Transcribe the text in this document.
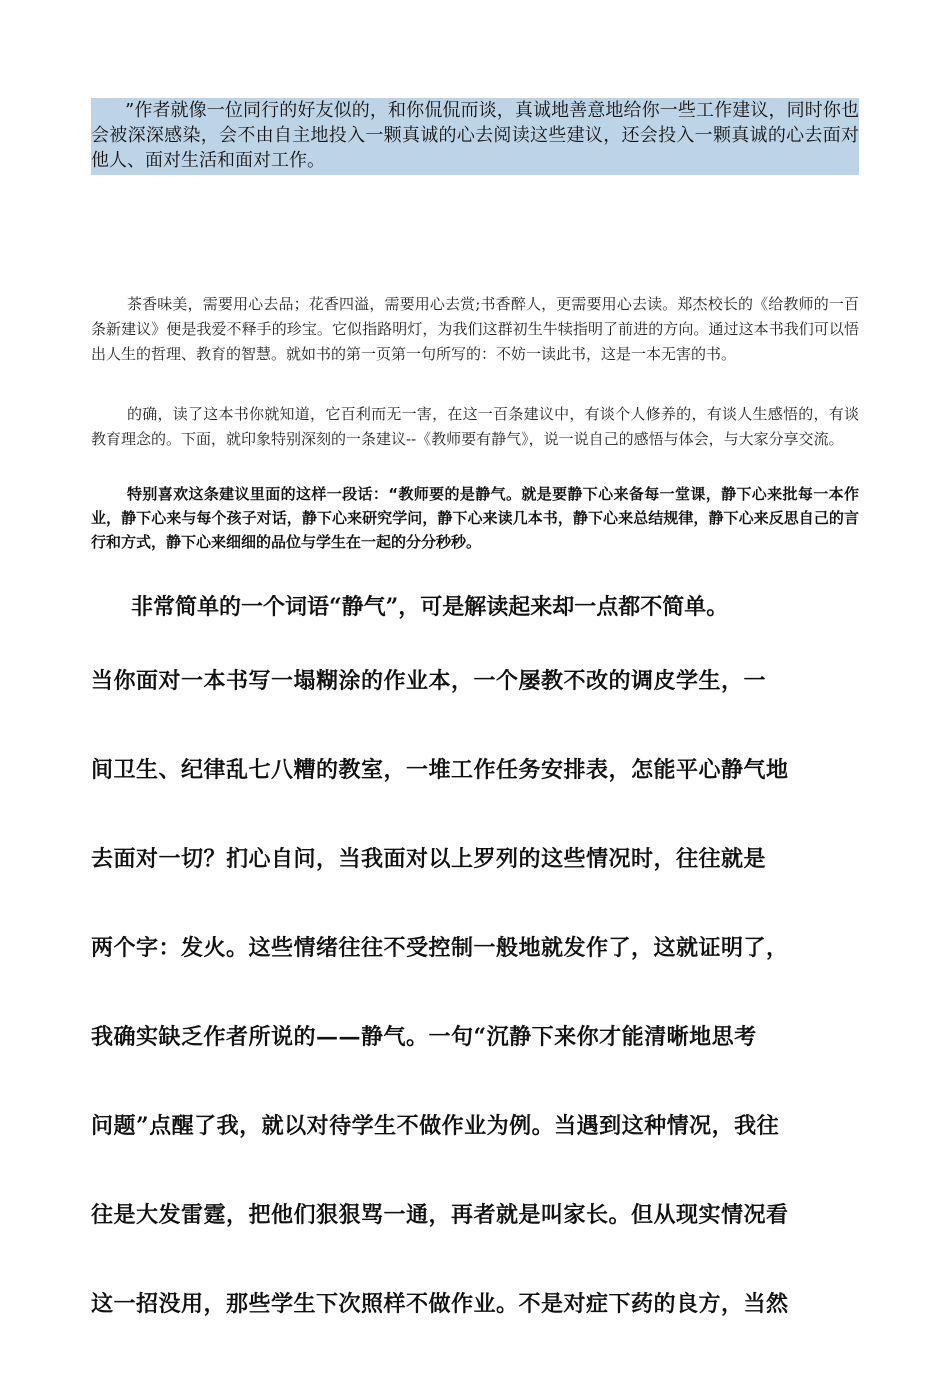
”作者就像一位同行的好友似的，和你侃侃而谈，真诚地善意地给你一些工作建议，同时你也会被深深感染，会不由自主地投入一颗真诚的心去阅读这些建议，还会投入一颗真诚的心去面对他人、面对生活和面对工作。

茶香味美，需要用心去品；花香四溢，需要用心去赏;书香醉人，更需要用心去读。郑杰校长的《给教师的一百条新建议》便是我爱不释手的珍宝。它似指路明灯，为我们这群初生牛犊指明了前进的方向。通过这本书我们可以悟出人生的哲理、教育的智慧。就如书的第一页第一句所写的：不妨一读此书，这是一本无害的书。

的确，读了这本书你就知道，它百利而无一害，在这一百条建议中，有谈个人修养的，有谈人生感悟的，有谈教育理念的。下面，就印象特别深刻的一条建议--《教师要有静气》，说一说自己的感悟与体会，与大家分享交流。

特别喜欢这条建议里面的这样一段话：“教师要的是静气。就是要静下心来备每一堂课，静下心来批每一本作业，静下心来与每个孩子对话，静下心来研究学问，静下心来读几本书，静下心来总结规律，静下心来反思自己的言行和方式，静下心来细细的品位与学生在一起的分分秒秒。

非常简单的一个词语“静气”，可是解读起来却一点都不简单。

当你面对一本书写一塌糊涂的作业本，一个屡教不改的调皮学生，一
间卫生、纪律乱七八糟的教室，一堆工作任务安排表，怎能平心静气地
去面对一切？扪心自问，当我面对以上罗列的这些情况时，往往就是
两个字：发火。这些情绪往往不受控制一般地就发作了，这就证明了，
我确实缺乏作者所说的——静气。一句“沉静下来你才能清晰地思考
问题”点醒了我，就以对待学生不做作业为例。当遇到这种情况，我往
往是大发雷霆，把他们狠狠骂一通，再者就是叫家长。但从现实情况看
这一招没用，那些学生下次照样不做作业。不是对症下药的良方，当然
